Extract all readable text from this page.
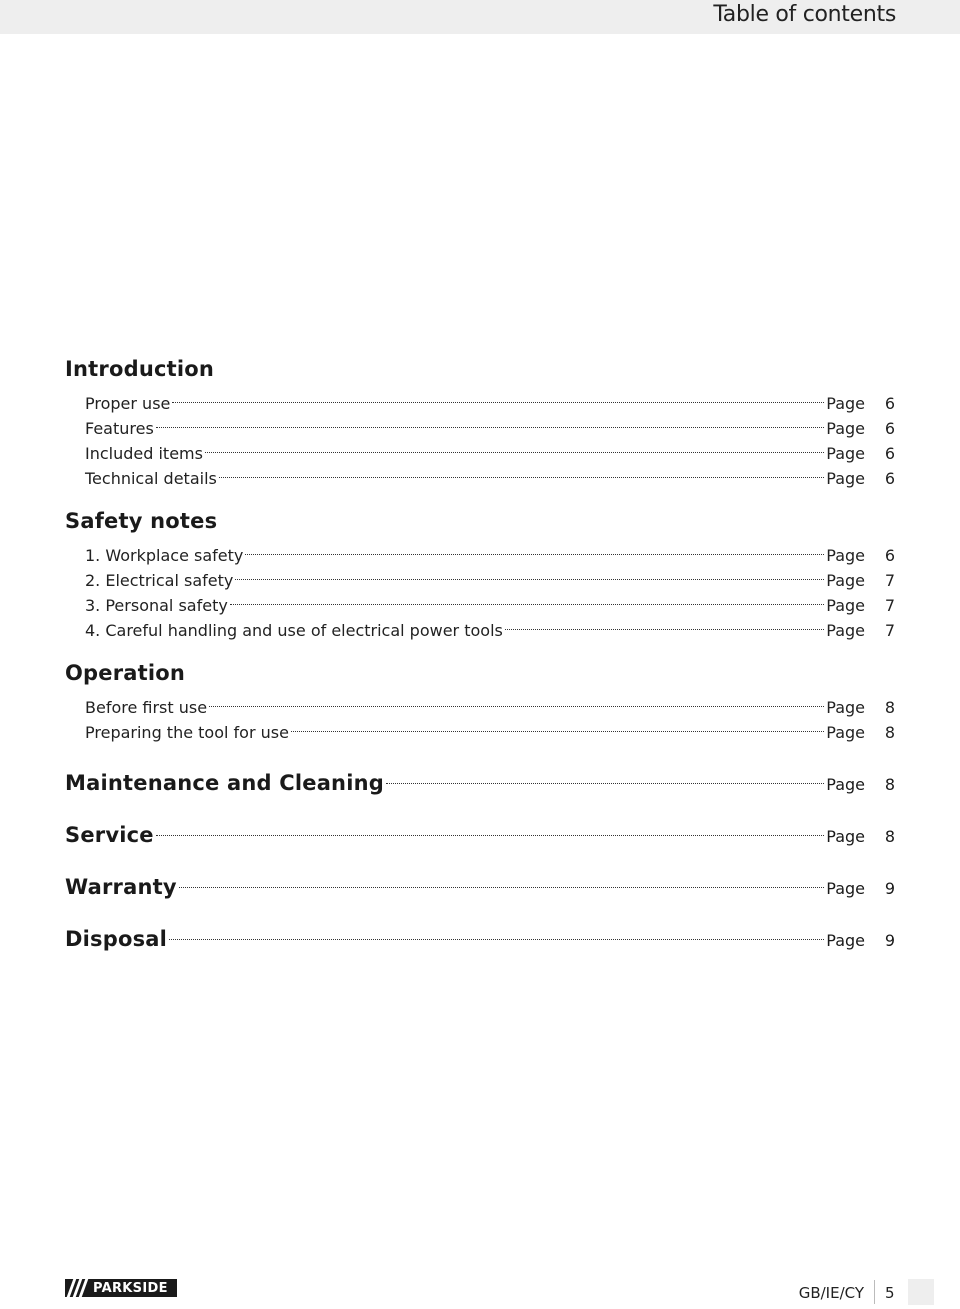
Table of contents
Introduction
Proper use	Page	6
Features	Page	6
Included items	Page	6
Technical details	Page	6
Safety notes
1. Workplace safety	Page	6
2. Electrical safety	Page	7
3. Personal safety	Page	7
4. Careful handling and use of electrical power tools	Page	7
Operation
Before first use	Page	8
Preparing the tool for use	Page	8
Maintenance and Cleaning	Page	8
Service	Page	8
Warranty	Page	9
Disposal	Page	9
PARKSIDE	GB/IE/CY 5
